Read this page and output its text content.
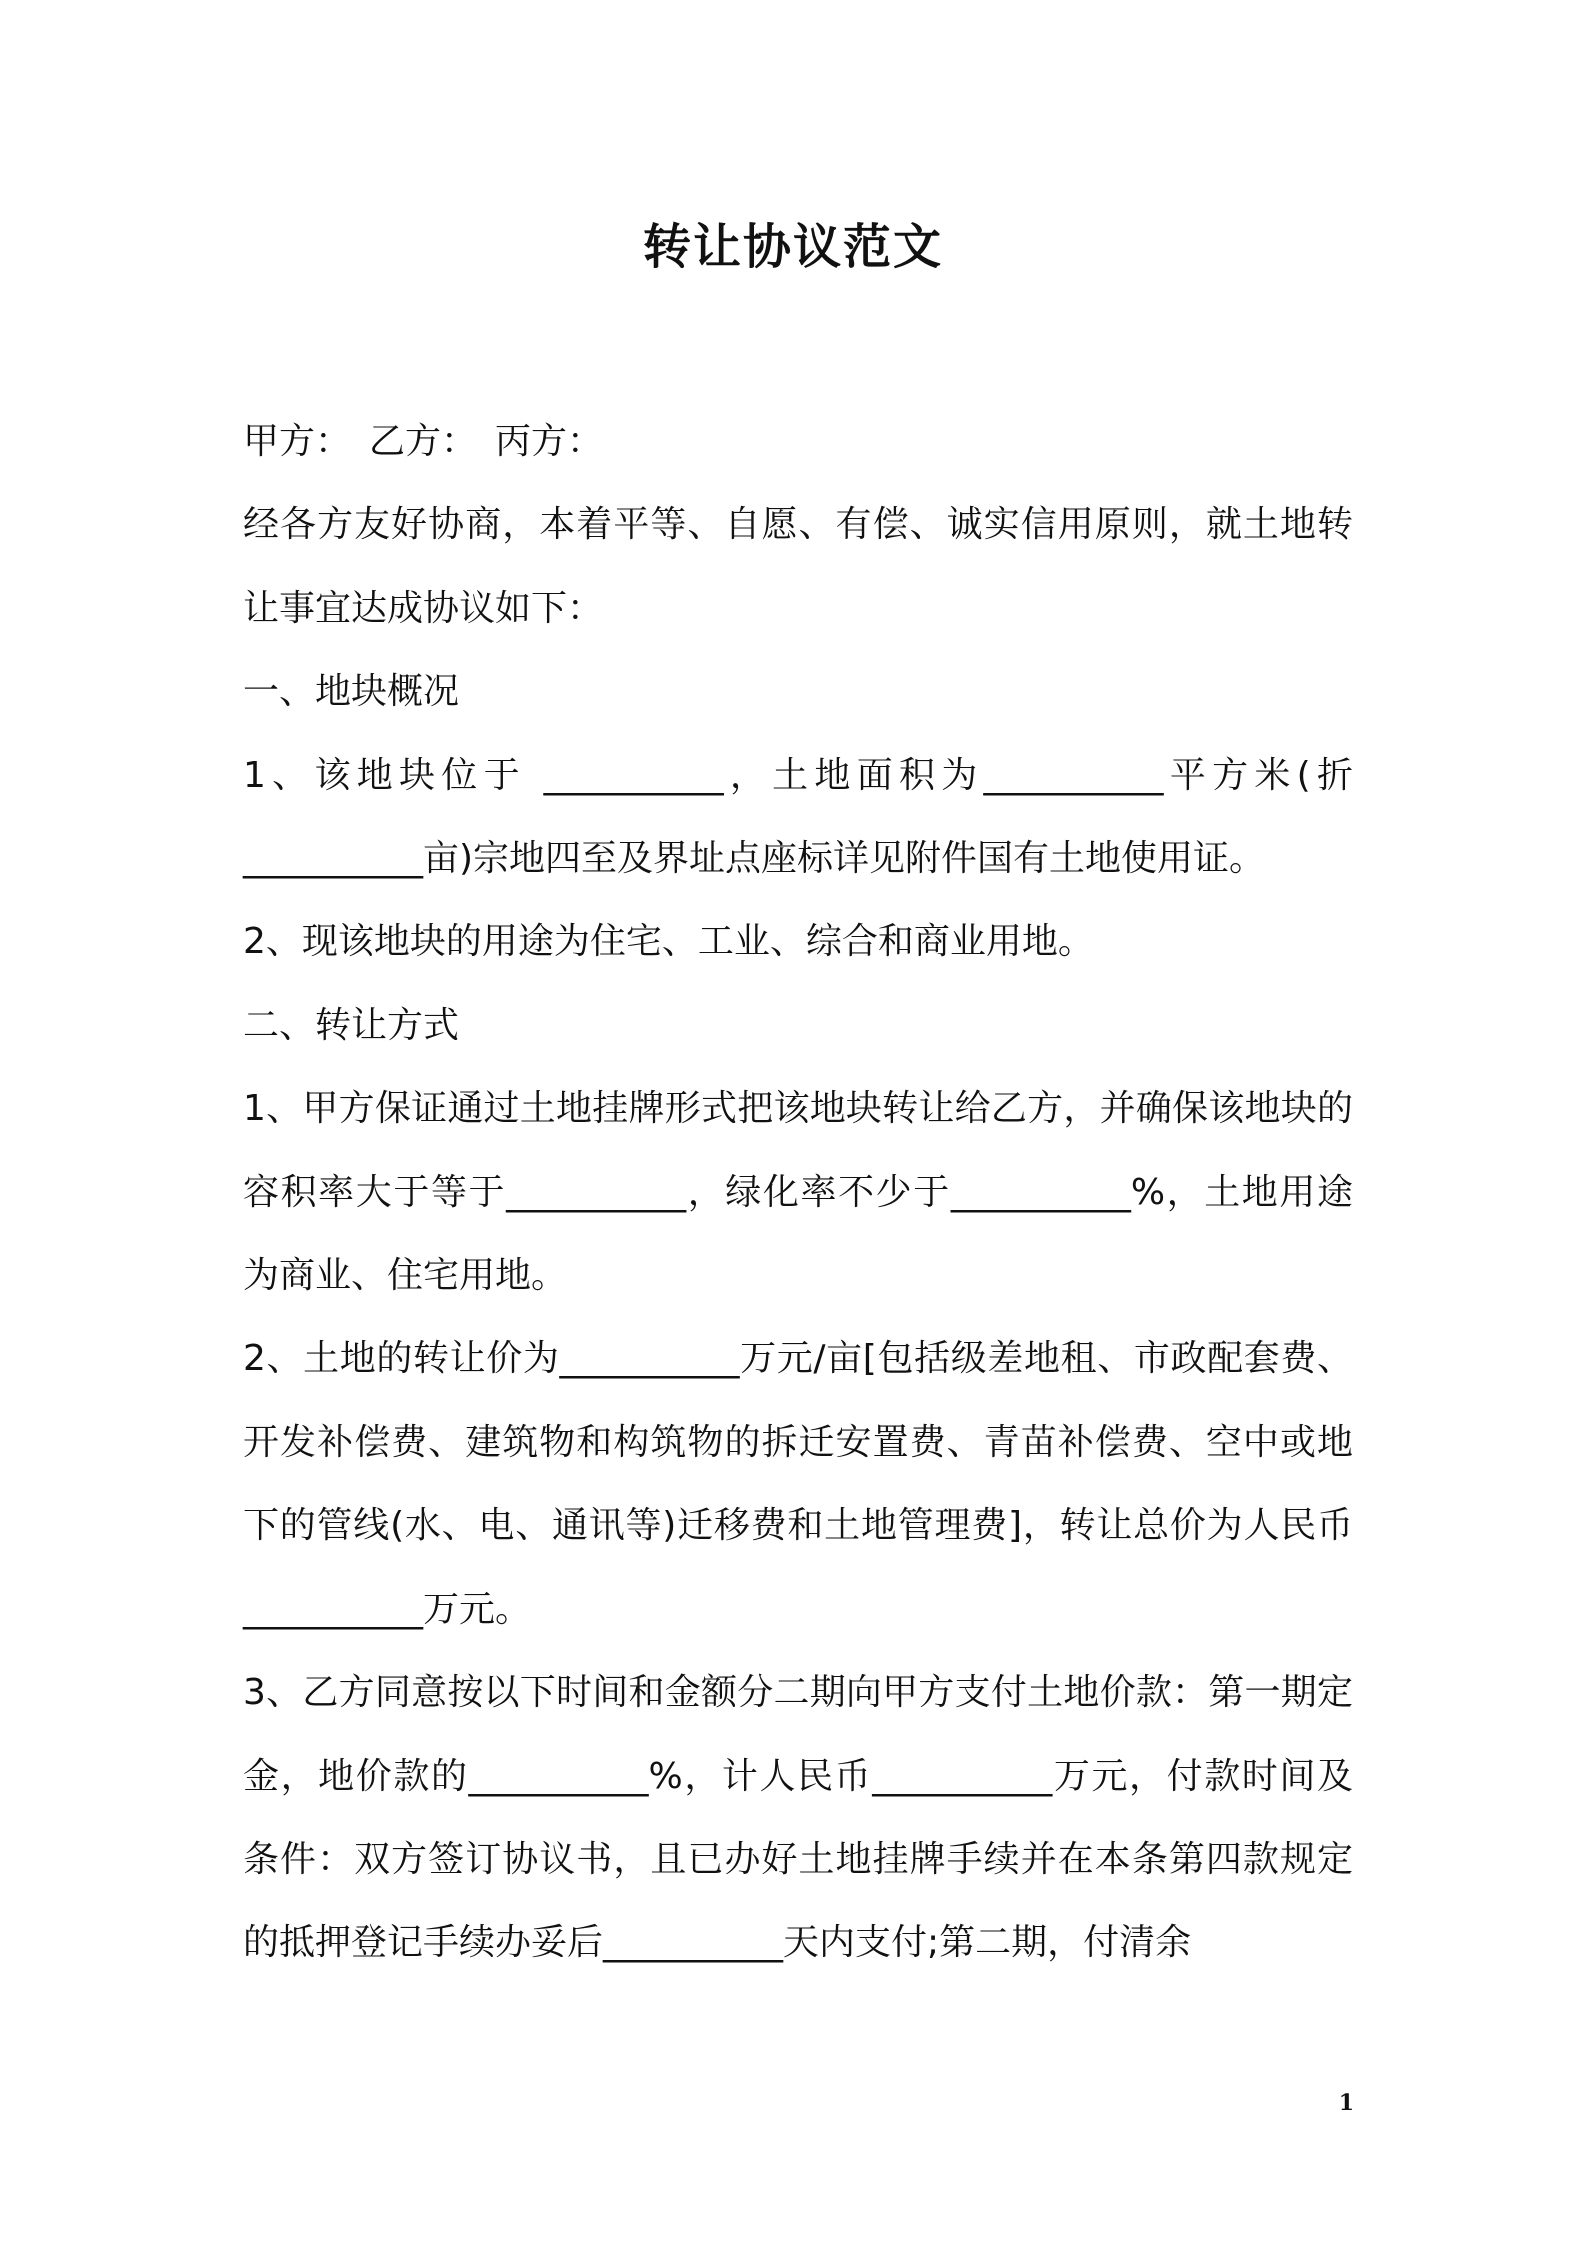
转让协议范文

甲方：　乙方：　丙方：

经各方友好协商，本着平等、自愿、有偿、诚实信用原则，就土地转让事宜达成协议如下：

一、地块概况

1、该地块位于 __________，土地面积为__________平方米(折__________亩)宗地四至及界址点座标详见附件国有土地使用证。

2、现该地块的用途为住宅、工业、综合和商业用地。

二、转让方式

1、甲方保证通过土地挂牌形式把该地块转让给乙方，并确保该地块的容积率大于等于__________，绿化率不少于__________%，土地用途为商业、住宅用地。

2、土地的转让价为__________万元/亩[包括级差地租、市政配套费、开发补偿费、建筑物和构筑物的拆迁安置费、青苗补偿费、空中或地下的管线(水、电、通讯等)迁移费和土地管理费]，转让总价为人民币__________万元。

3、乙方同意按以下时间和金额分二期向甲方支付土地价款：第一期定金，地价款的__________%，计人民币__________万元，付款时间及条件：双方签订协议书，且已办好土地挂牌手续并在本条第四款规定的抵押登记手续办妥后__________天内支付;第二期，付清余

1
